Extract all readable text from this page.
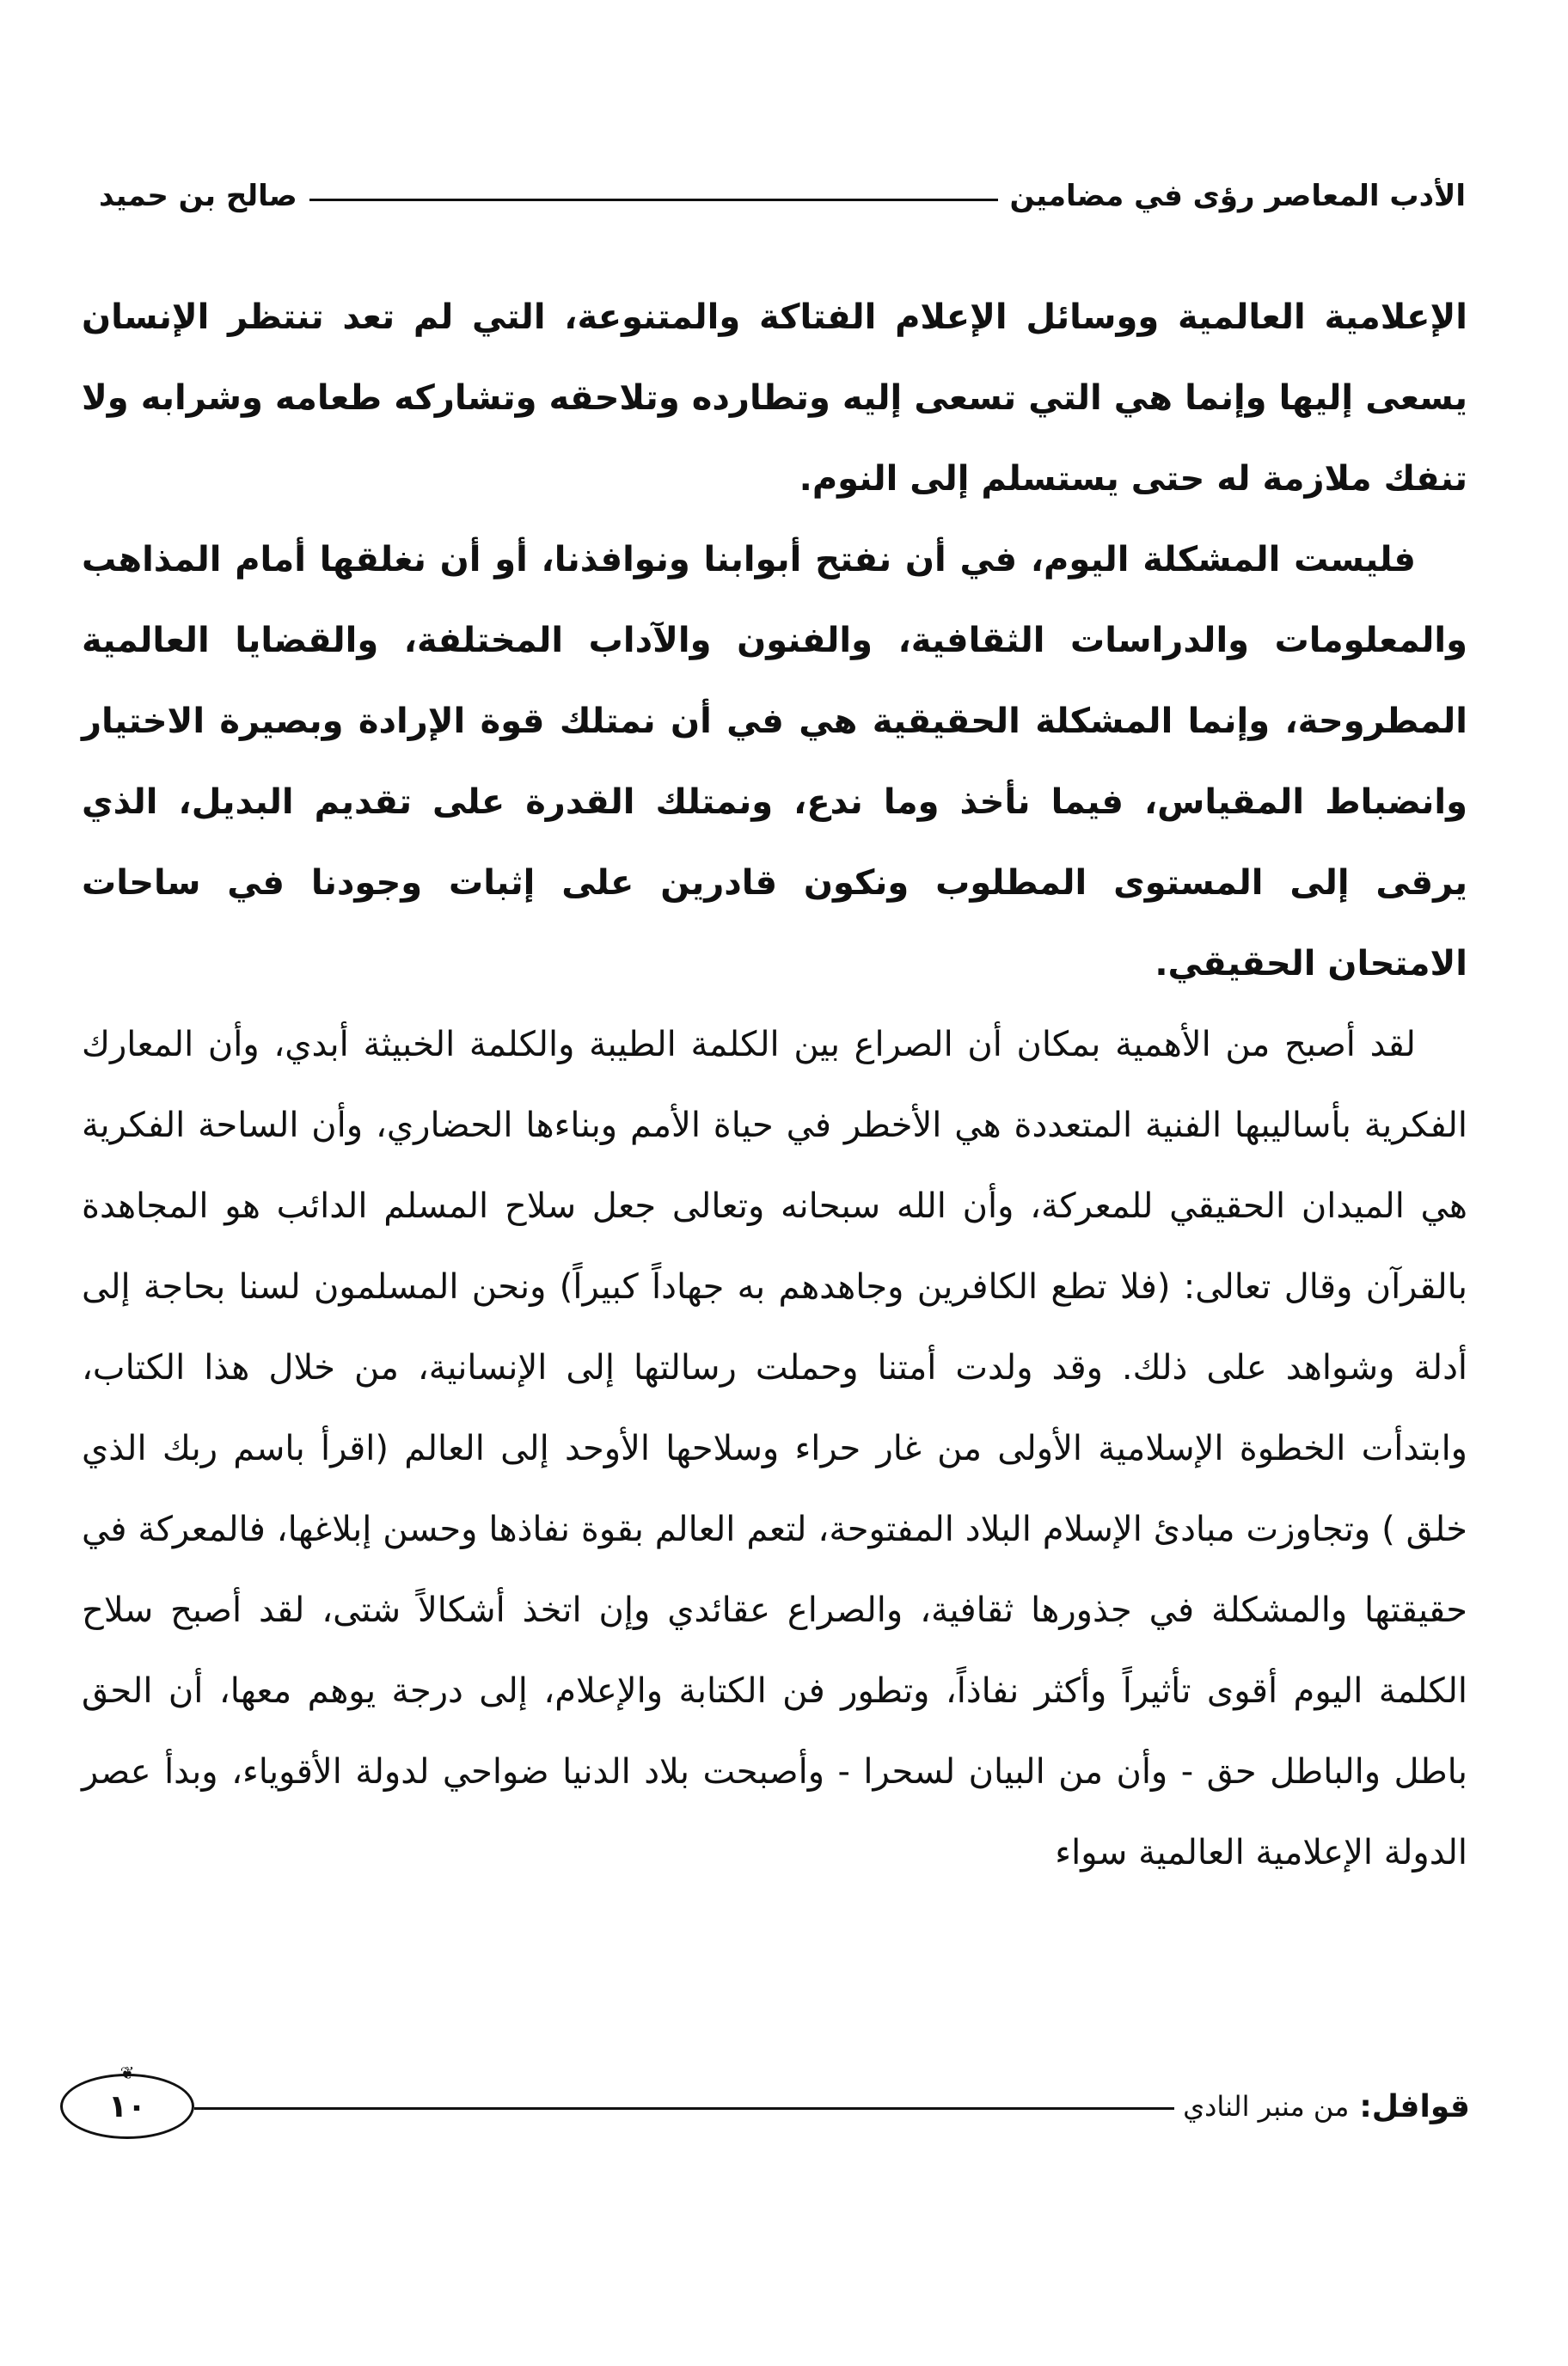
الأدب المعاصر رؤى في مضامين
صالح بن حميد

الإعلامية العالمية ووسائل الإعلام الفتاكة والمتنوعة، التي لم تعد تنتظر الإنسان يسعى إليها وإنما هي التي تسعى إليه وتطارده وتلاحقه وتشاركه طعامه وشرابه ولا تنفك ملازمة له حتى يستسلم إلى النوم.

فليست المشكلة اليوم، في أن نفتح أبوابنا ونوافذنا، أو أن نغلقها أمام المذاهب والمعلومات والدراسات الثقافية، والفنون والآداب المختلفة، والقضايا العالمية المطروحة، وإنما المشكلة الحقيقية هي في أن نمتلك قوة الإرادة وبصيرة الاختيار وانضباط المقياس، فيما نأخذ وما ندع، ونمتلك القدرة على تقديم البديل، الذي يرقى إلى المستوى المطلوب ونكون قادرين على إثبات وجودنا في ساحات الامتحان الحقيقي.

لقد أصبح من الأهمية بمكان أن الصراع بين الكلمة الطيبة والكلمة الخبيثة أبدي، وأن المعارك الفكرية بأساليبها الفنية المتعددة هي الأخطر في حياة الأمم وبناءها الحضاري، وأن الساحة الفكرية هي الميدان الحقيقي للمعركة، وأن الله سبحانه وتعالى جعل سلاح المسلم الدائب هو المجاهدة بالقرآن وقال تعالى: (فلا تطع الكافرين وجاهدهم به جهاداً كبيراً) ونحن المسلمون لسنا بحاجة إلى أدلة وشواهد على ذلك. وقد ولدت أمتنا وحملت رسالتها إلى الإنسانية، من خلال هذا الكتاب، وابتدأت الخطوة الإسلامية الأولى من غار حراء وسلاحها الأوحد إلى العالم (اقرأ باسم ربك الذي خلق ) وتجاوزت مبادئ الإسلام البلاد المفتوحة، لتعم العالم بقوة نفاذها وحسن إبلاغها، فالمعركة في حقيقتها والمشكلة في جذورها ثقافية، والصراع عقائدي وإن اتخذ أشكالاً شتى، لقد أصبح سلاح الكلمة اليوم أقوى تأثيراً وأكثر نفاذاً، وتطور فن الكتابة والإعلام، إلى درجة يوهم معها، أن الحق باطل والباطل حق - وأن من البيان لسحرا - وأصبحت بلاد الدنيا ضواحي لدولة الأقوياء، وبدأ عصر الدولة الإعلامية العالمية سواء

قوافل:
من منبر النادي
❦
١٠
